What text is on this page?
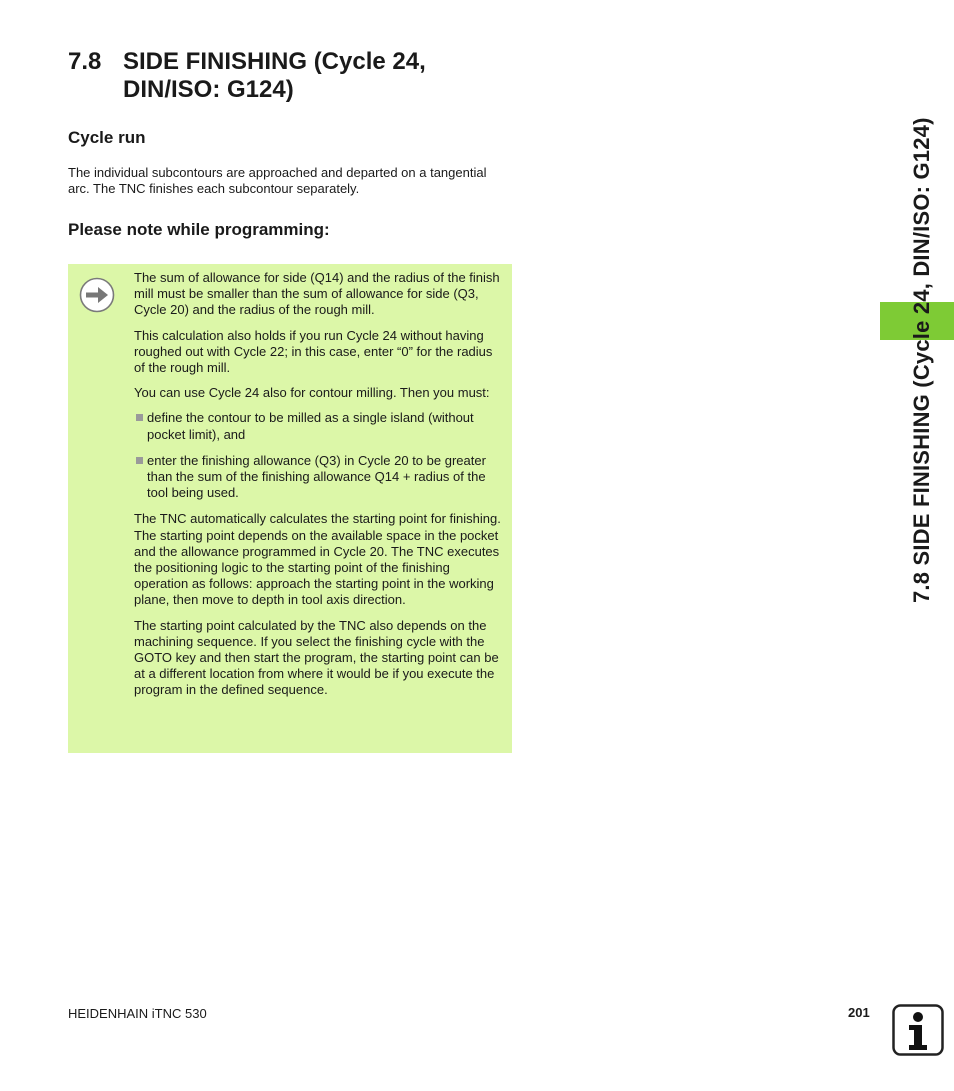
7.8 SIDE FINISHING (Cycle 24, DIN/ISO: G124)
Cycle run

The individual subcontours are approached and departed on a tangential arc. The TNC finishes each subcontour separately.

Please note while programming:

The sum of allowance for side (Q14) and the radius of the finish mill must be smaller than the sum of allowance for side (Q3, Cycle 20) and the radius of the rough mill.

This calculation also holds if you run Cycle 24 without having roughed out with Cycle 22; in this case, enter “0” for the radius of the rough mill.

You can use Cycle 24 also for contour milling. Then you must:

define the contour to be milled as a single island (without pocket limit), and
enter the finishing allowance (Q3) in Cycle 20 to be greater than the sum of the finishing allowance Q14 + radius of the tool being used.

The TNC automatically calculates the starting point for finishing. The starting point depends on the available space in the pocket and the allowance programmed in Cycle 20. The TNC executes the positioning logic to the starting point of the finishing operation as follows: approach the starting point in the working plane, then move to depth in tool axis direction.

The starting point calculated by the TNC also depends on the machining sequence. If you select the finishing cycle with the GOTO key and then start the program, the starting point can be at a different location from where it would be if you execute the program in the defined sequence.

7.8 SIDE FINISHING (Cycle 24, DIN/ISO: G124)
HEIDENHAIN iTNC 530	201
